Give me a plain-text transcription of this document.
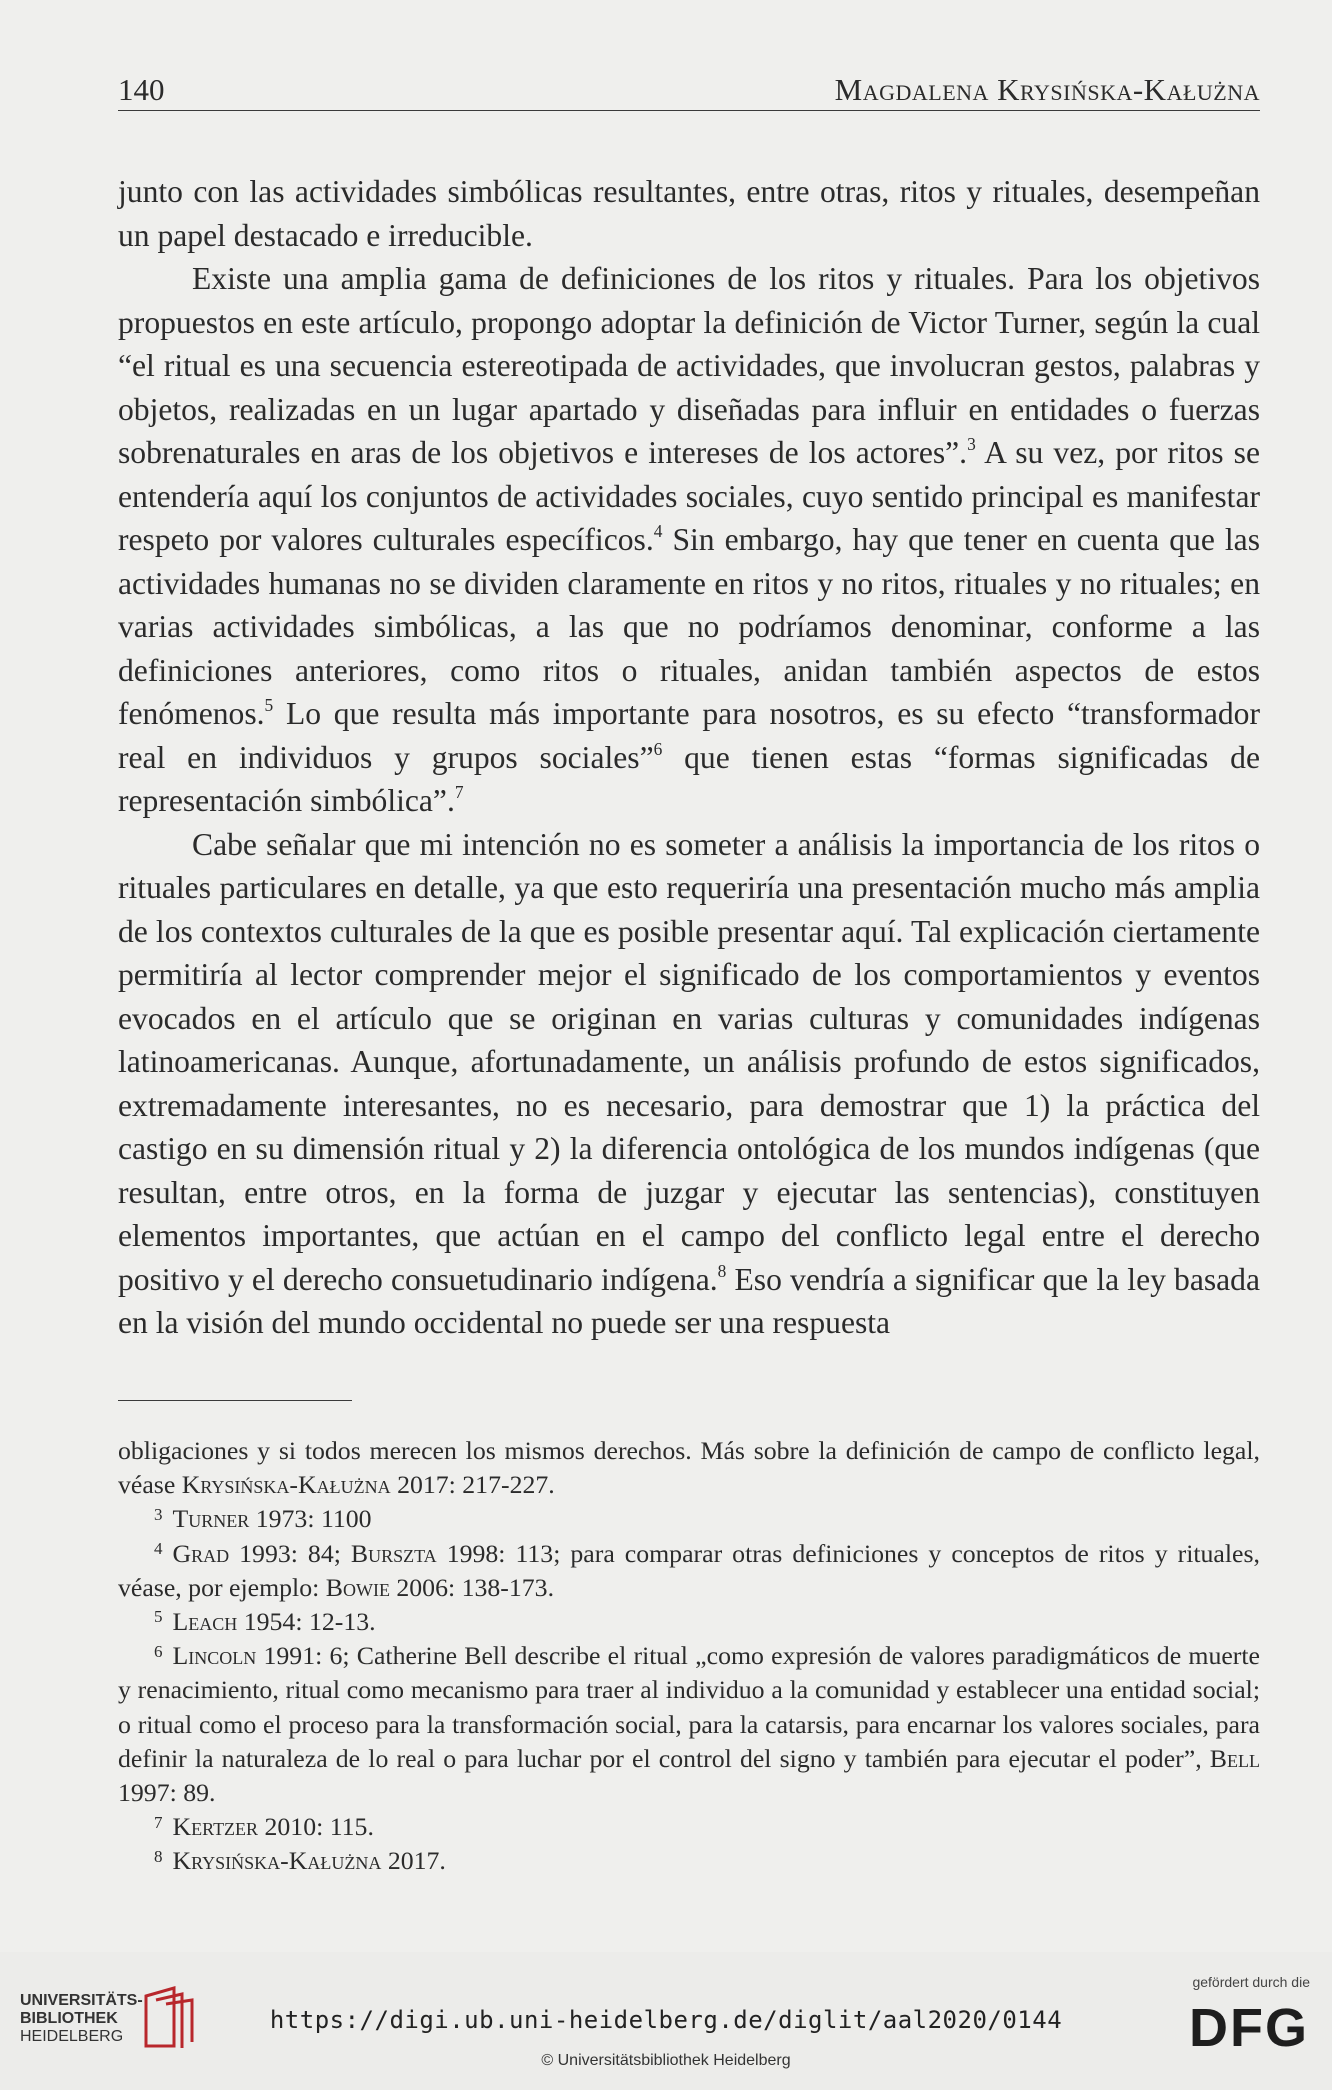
140	Magdalena Krysińska-Kałużna

junto con las actividades simbólicas resultantes, entre otras, ritos y rituales, desempeñan un papel destacado e irreducible.

Existe una amplia gama de definiciones de los ritos y rituales. Para los objetivos propuestos en este artículo, propongo adoptar la definición de Victor Turner, según la cual “el ritual es una secuencia estereotipada de actividades, que involucran gestos, palabras y objetos, realizadas en un lugar apartado y diseñadas para influir en entidades o fuerzas sobrenaturales en aras de los objetivos e intereses de los actores”.$^3$ A su vez, por ritos se entendería aquí los conjuntos de actividades sociales, cuyo sentido principal es manifestar respeto por valores culturales específicos.$^4$ Sin embargo, hay que tener en cuenta que las actividades humanas no se dividen claramente en ritos y no ritos, rituales y no rituales; en varias actividades simbólicas, a las que no podríamos denominar, conforme a las definiciones anteriores, como ritos o rituales, anidan también aspectos de estos fenómenos.$^5$ Lo que resulta más importante para nosotros, es su efecto “transformador real en individuos y grupos sociales”$^6$ que tienen estas “formas significadas de representación simbólica”.$^7$

Cabe señalar que mi intención no es someter a análisis la importancia de los ritos o rituales particulares en detalle, ya que esto requeriría una presentación mucho más amplia de los contextos culturales de la que es posible presentar aquí. Tal explicación ciertamente permitiría al lector comprender mejor el significado de los comportamientos y eventos evocados en el artículo que se originan en varias culturas y comunidades indígenas latinoamericanas. Aunque, afortunadamente, un análisis profundo de estos significados, extremadamente interesantes, no es necesario, para demostrar que 1) la práctica del castigo en su dimensión ritual y 2) la diferencia ontológica de los mundos indígenas (que resultan, entre otros, en la forma de juzgar y ejecutar las sentencias), constituyen elementos importantes, que actúan en el campo del conflicto legal entre el derecho positivo y el derecho consuetudinario indígena.$^8$ Eso vendría a significar que la ley basada en la visión del mundo occidental no puede ser una respuesta

obligaciones y si todos merecen los mismos derechos. Más sobre la definición de campo de conflicto legal, véase Krysińska-Kałużna 2017: 217-227.

$^3$ Turner 1973: 1100

$^4$ Grad 1993: 84; Burszta 1998: 113; para comparar otras definiciones y conceptos de ritos y rituales, véase, por ejemplo: Bowie 2006: 138-173.

$^5$ Leach 1954: 12-13.

$^6$ Lincoln 1991: 6; Catherine Bell describe el ritual „como expresión de valores paradigmáticos de muerte y renacimiento, ritual como mecanismo para traer al individuo a la comunidad y establecer una entidad social; o ritual como el proceso para la transformación social, para la catarsis, para encarnar los valores sociales, para definir la naturaleza de lo real o para luchar por el control del signo y también para ejecutar el poder”, Bell 1997: 89.

$^7$ Kertzer 2010: 115.

$^8$ Krysińska-Kałużna 2017.

UNIVERSITÄTS-
BIBLIOTHEK
HEIDELBERG
https://digi.ub.uni-heidelberg.de/diglit/aal2020/0144
© Universitätsbibliothek Heidelberg
gefördert durch die
DFG
